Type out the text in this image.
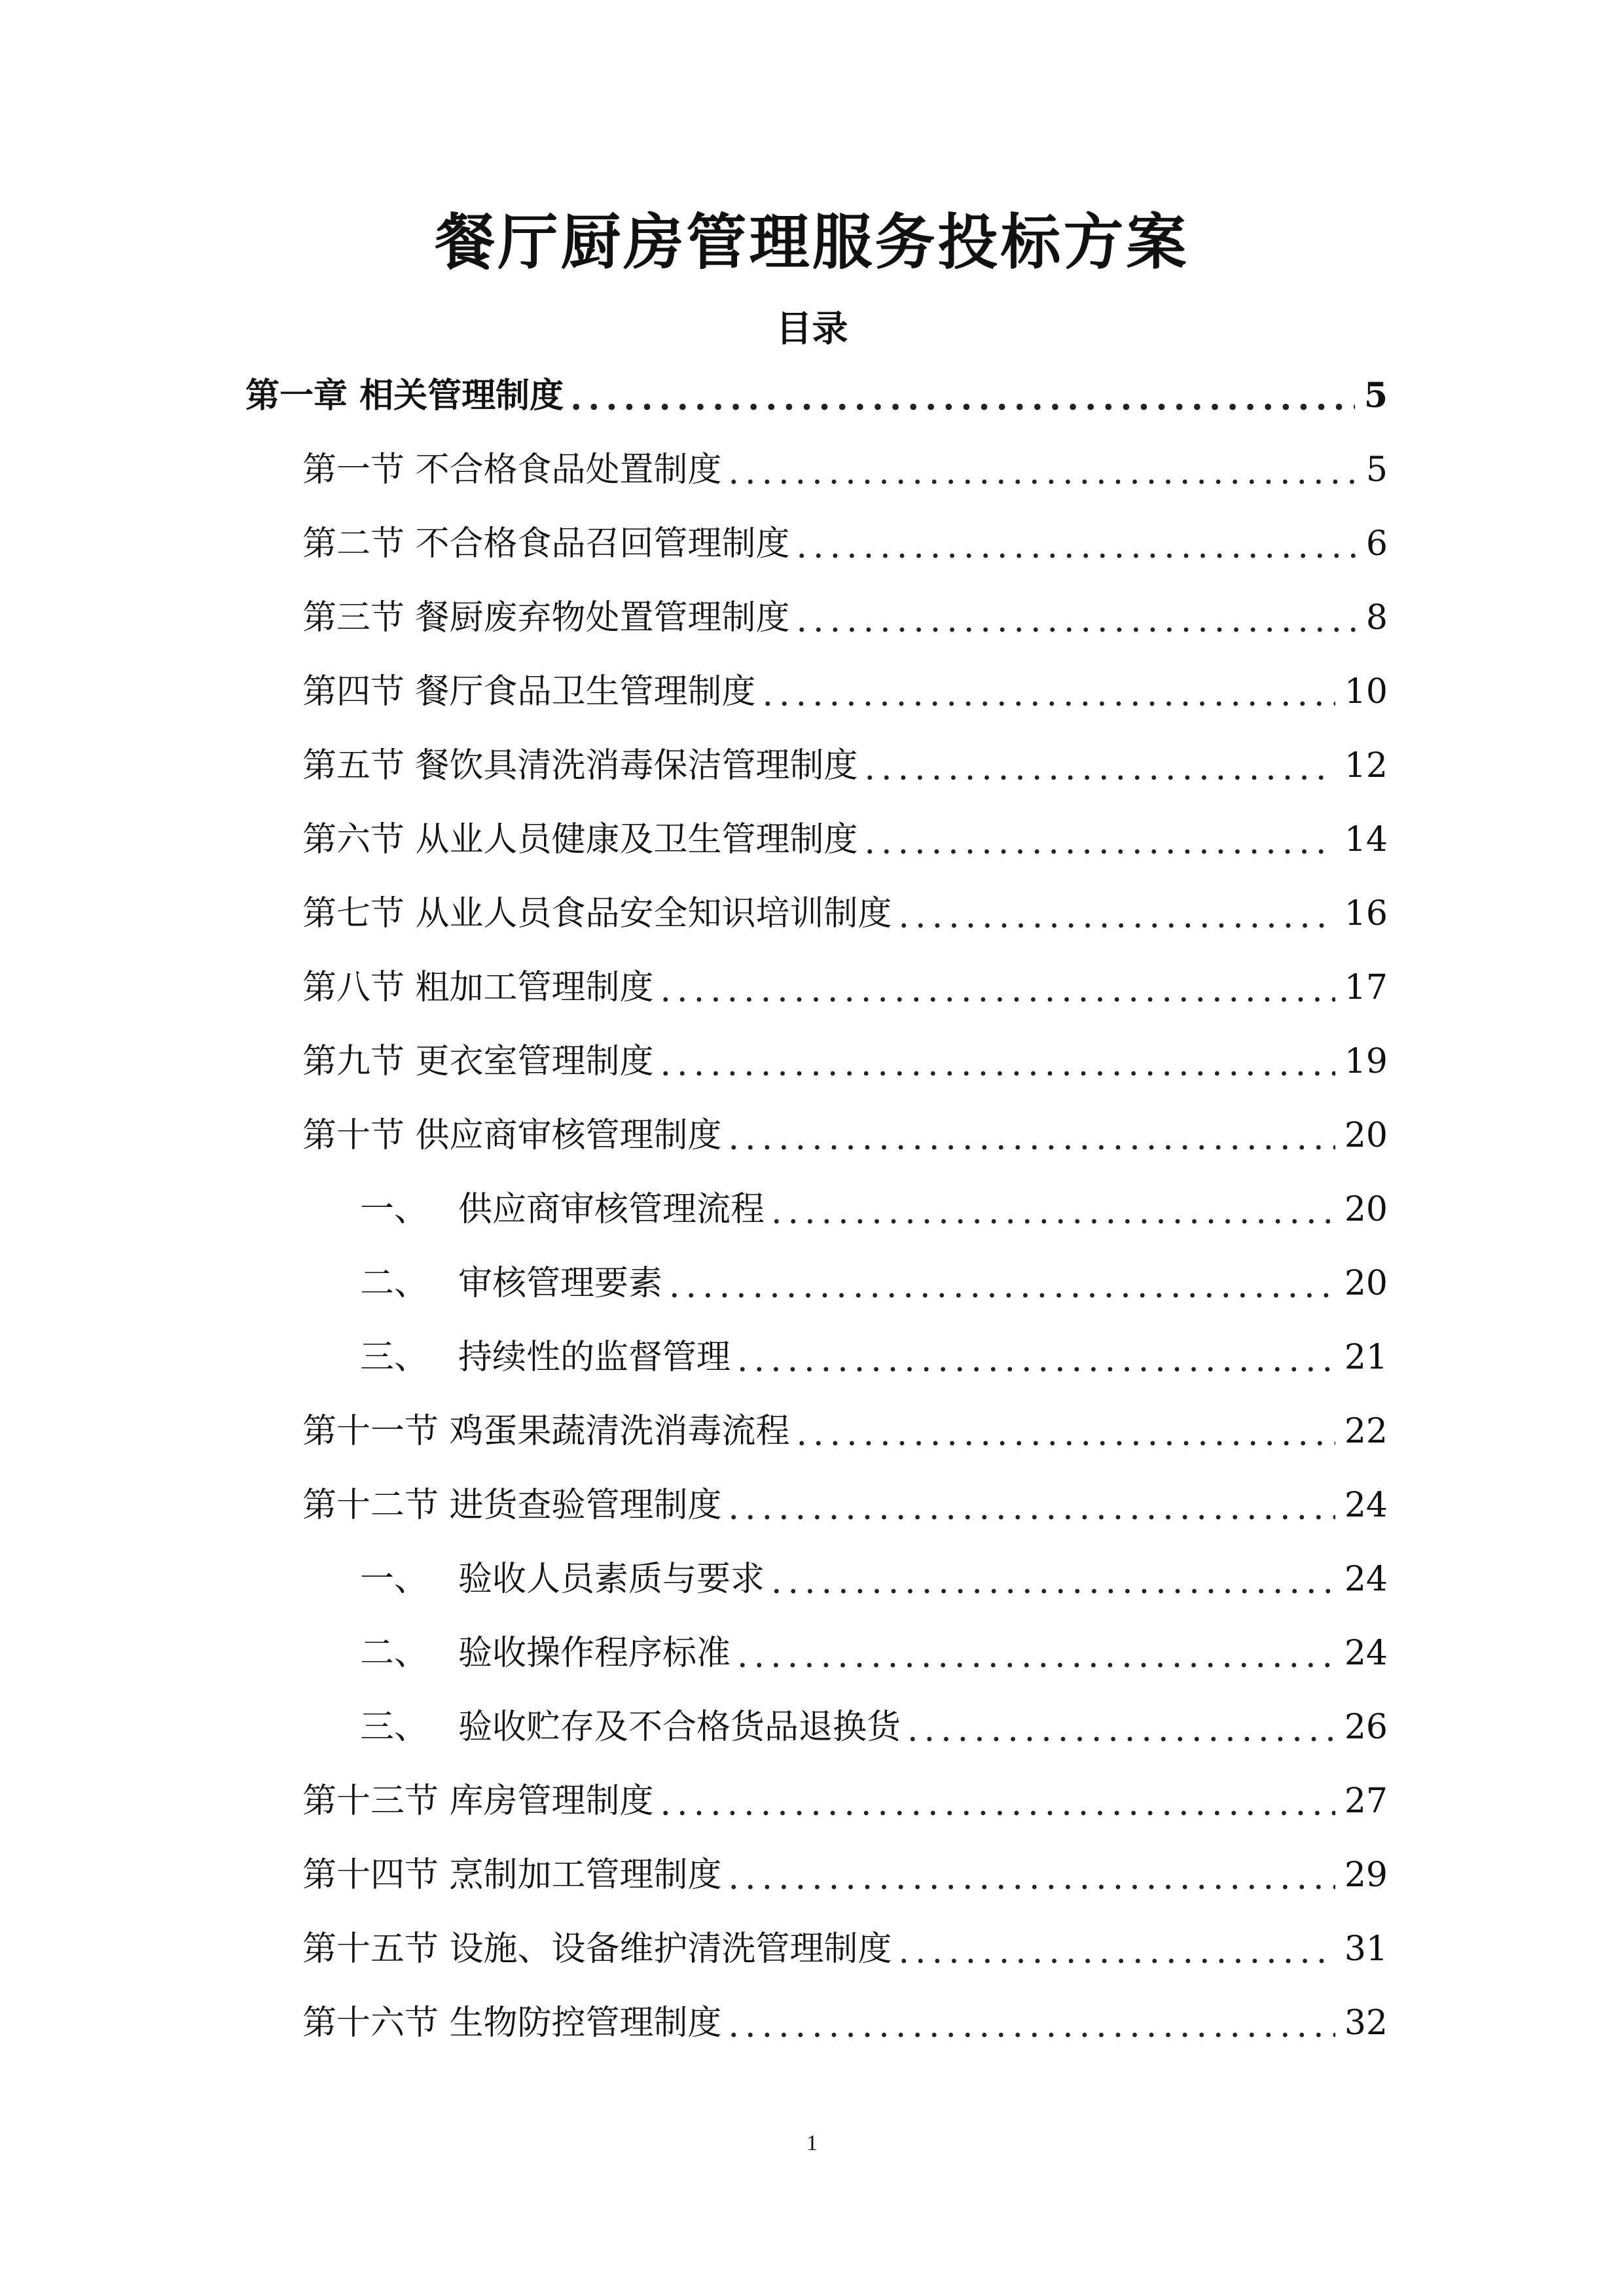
餐厅厨房管理服务投标方案
目录
第一章 相关管理制度 .....	5
第一节 不合格食品处置制度 .....	5
第二节 不合格食品召回管理制度 .....	6
第三节 餐厨废弃物处置管理制度 .....	8
第四节 餐厅食品卫生管理制度 .....	10
第五节 餐饮具清洗消毒保洁管理制度 .....	12
第六节 从业人员健康及卫生管理制度 .....	14
第七节 从业人员食品安全知识培训制度 .....	16
第八节 粗加工管理制度 .....	17
第九节 更衣室管理制度 .....	19
第十节 供应商审核管理制度 .....	20
一、 供应商审核管理流程 .....	20
二、 审核管理要素 .....	20
三、 持续性的监督管理 .....	21
第十一节 鸡蛋果蔬清洗消毒流程 .....	22
第十二节 进货查验管理制度 .....	24
一、 验收人员素质与要求 .....	24
二、 验收操作程序标准 .....	24
三、 验收贮存及不合格货品退换货 .....	26
第十三节 库房管理制度 .....	27
第十四节 烹制加工管理制度 .....	29
第十五节 设施、设备维护清洗管理制度 .....	31
第十六节 生物防控管理制度 .....	32
1
